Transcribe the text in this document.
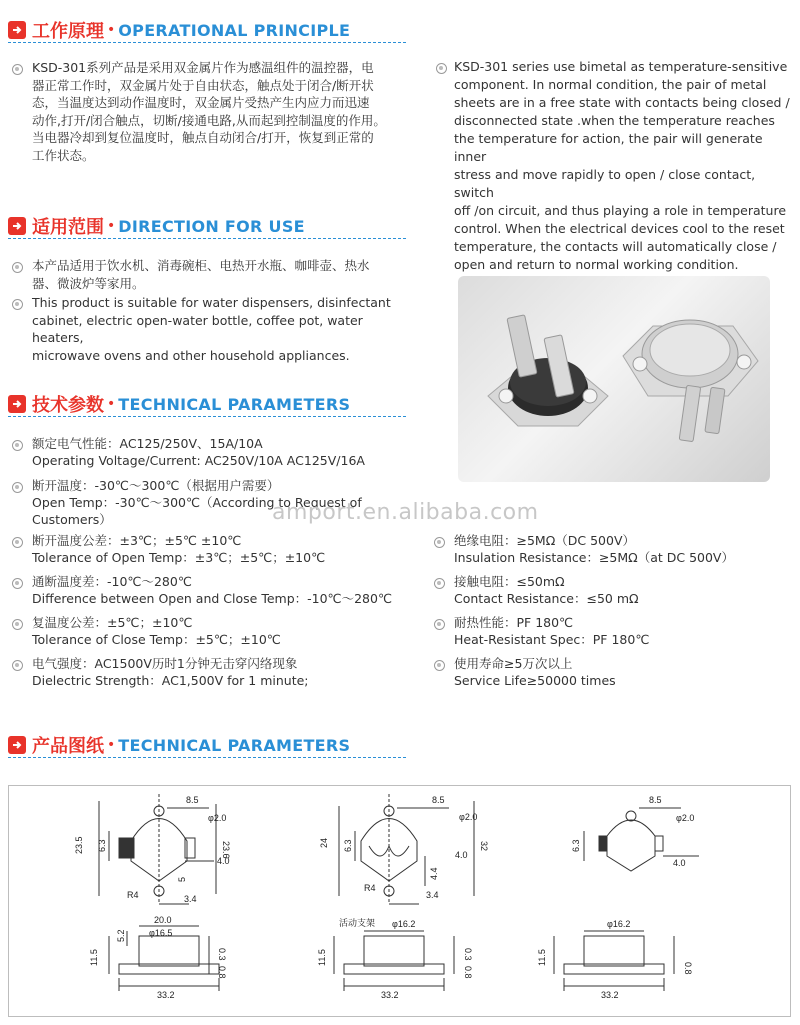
工作原理 • OPERATIONAL PRINCIPLE
KSD-301系列产品是采用双金属片作为感温组件的温控器，电
器正常工作时，双金属片处于自由状态，触点处于闭合/断开状
态，当温度达到动作温度时，双金属片受热产生内应力而迅速
动作,打开/闭合触点，切断/接通电路,从而起到控制温度的作用。
当电器冷却到复位温度时，触点自动闭合/打开，恢复到正常的
工作状态。
KSD-301 series use bimetal as temperature-sensitive
component. In normal condition, the pair of metal
sheets are in a free state with contacts being closed /
disconnected state .when the temperature reaches
the temperature for action, the pair will generate inner
stress and move rapidly to open / close contact, switch
off /on circuit, and thus playing a role in temperature
control. When the electrical devices cool to the reset
temperature, the contacts will automatically close /
open and return to normal working condition.
适用范围 • DIRECTION FOR USE
本产品适用于饮水机、消毒碗柜、电热开水瓶、咖啡壶、热水
器、微波炉等家用。
This product is suitable for water dispensers, disinfectant
cabinet, electric open-water bottle, coffee pot, water heaters,
microwave ovens and other household appliances.
技术参数 • TECHNICAL PARAMETERS
额定电气性能：AC125/250V、15A/10A
Operating Voltage/Current: AC250V/10A AC125V/16A
断开温度：-30℃～300℃（根据用户需要）
Open Temp：-30℃～300℃（According to Request of
Customers）
断开温度公差：±3℃；±5℃ ±10℃
Tolerance of Open Temp：±3℃；±5℃；±10℃
通断温度差：-10℃～280℃
Difference between Open and Close Temp：-10℃～280℃
复温度公差：±5℃；±10℃
Tolerance of Close Temp：±5℃；±10℃
电气强度：AC1500V历时1分钟无击穿闪络现象
Dielectric Strength：AC1,500V for 1 minute;
amport.en.alibaba.com
绝缘电阻：≥5MΩ（DC 500V）
Insulation Resistance：≥5MΩ（at DC 500V）
接触电阻：≤50mΩ
Contact Resistance：≤50 mΩ
耐热性能：PF 180℃
Heat-Resistant Spec：PF 180℃
使用寿命≥5万次以上
Service Life≥50000 times
产品图纸 • TECHNICAL PARAMETERS
8.5
φ2.0
23.5 6.3	23.6
4.0
5
R4	3.4
8.5
φ2.0
24 6.3	32
4.0
4.4
R4
3.4
8.5
φ2.0
6.3
4.0
20.0
5.2	φ16.5
0.3
11.5
33.2
0.8
活动支架 φ16.2
0.3
11.5
33.2
0.8
φ16.2
11.5
33.2
0.8
